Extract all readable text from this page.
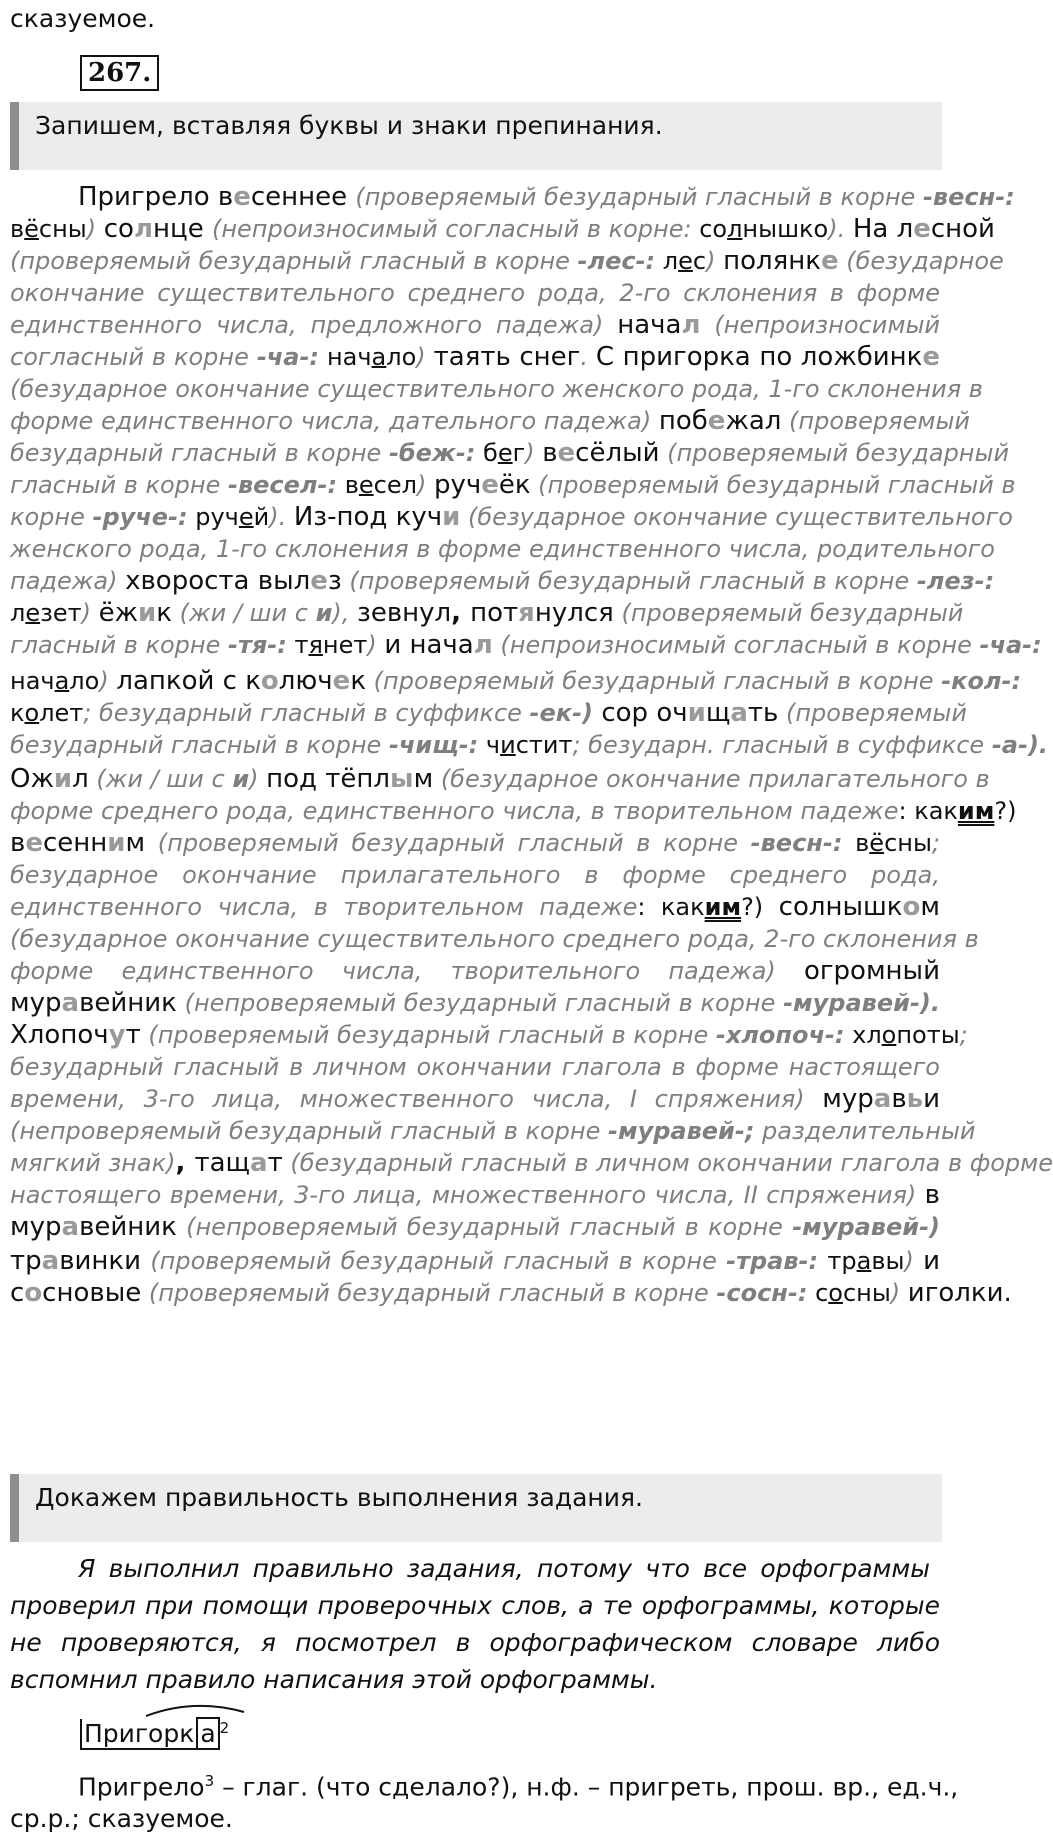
сказуемое.
267.
Запишем, вставляя буквы и знаки препинания.
Пригрело весеннее (проверяемый безударный гласный в корне -весн-:
вёсны) солнце (непроизносимый согласный в корне: солнышко). На лесной
(проверяемый безударный гласный в корне -лес-: лес) полянке (безударное
окончание существительного среднего рода, 2-го склонения в форме
единственного числа, предложного падежа) начал (непроизносимый
согласный в корне -ча-: начало) таять снег. С пригорка по ложбинке
(безударное окончание существительного женского рода, 1-го склонения в
форме единственного числа, дательного падежа) побежал (проверяемый
безударный гласный в корне -беж-: бег) весёлый (проверяемый безударный
гласный в корне -весел-: весел) ручеёк (проверяемый безударный гласный в
корне -руче-: ручей). Из-под кучи (безударное окончание существительного
женского рода, 1-го склонения в форме единственного числа, родительного
падежа) хвороста вылез (проверяемый безударный гласный в корне -лез-:
лезет) ёжик (жи / ши с и), зевнул, потянулся (проверяемый безударный
гласный в корне -тя-: тянет) и начал (непроизносимый согласный в корне -ча-:
начало) лапкой с колючек (проверяемый безударный гласный в корне -кол-:
колет; безударный гласный в суффиксе -ек-) сор очищать (проверяемый
безударный гласный в корне -чищ-: чистит; безударн. гласный в суффиксе -а-).
Ожил (жи / ши с и) под тёплым (безударное окончание прилагательного в
форме среднего рода, единственного числа, в творительном падеже: каким?)
весенним (проверяемый безударный гласный в корне -весн-: вёсны;
безударное окончание прилагательного в форме среднего рода,
единственного числа, в творительном падеже: каким?) солнышком
(безударное окончание существительного среднего рода, 2-го склонения в
форме единственного числа, творительного падежа) огромный
муравейник (непроверяемый безударный гласный в корне -муравей-).
Хлопочут (проверяемый безударный гласный в корне -хлопоч-: хлопоты;
безударный гласный в личном окончании глагола в форме настоящего
времени, 3-го лица, множественного числа, I спряжения) муравьи
(непроверяемый безударный гласный в корне -муравей-; разделительный
мягкий знак), тащат (безударный гласный в личном окончании глагола в форме
настоящего времени, 3-го лица, множественного числа, II спряжения) в
муравейник (непроверяемый безударный гласный в корне -муравей-)
травинки (проверяемый безударный гласный в корне -трав-: травы) и
сосновые (проверяемый безударный гласный в корне -сосн-: сосны) иголки.
Докажем правильность выполнения задания.
Я выполнил правильно задания, потому что все орфограммы
проверил при помощи проверочных слов, а те орфограммы, которые
не проверяются, я посмотрел в орфографическом словаре либо
вспомнил правило написания этой орфограммы.
Пригорк а $^2$
Пригрело$^3$ – глаг. (что сделало?), н.ф. – пригреть, прош. вр., ед.ч.,
ср.р.; сказуемое.
